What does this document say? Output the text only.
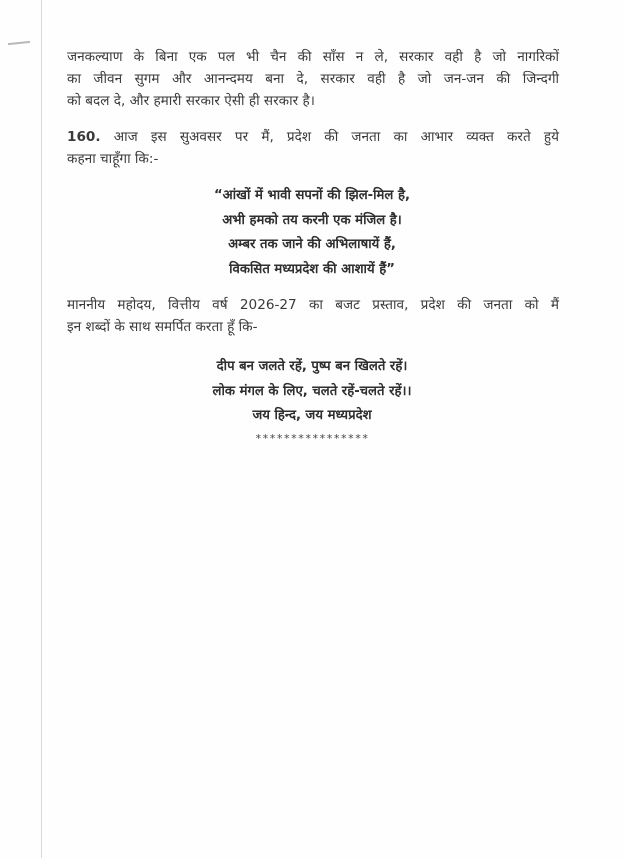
जनकल्याण के बिना एक पल भी चैन की साँस न ले, सरकार वही है जो नागरिकों
का जीवन सुगम और आनन्दमय बना दे, सरकार वही है जो जन-जन की जिन्दगी
को बदल दे, और हमारी सरकार ऐसी ही सरकार है।
160. आज इस सुअवसर पर मैं, प्रदेश की जनता का आभार व्यक्त करते हुये
कहना चाहूँगा कि:-
“आंखों में भावी सपनों की झिल-मिल है,
अभी हमको तय करनी एक मंजिल है।
अम्बर तक जाने की अभिलाषायें हैं,
विकसित मध्यप्रदेश की आशायें हैं”
माननीय महोदय, वित्तीय वर्ष 2026-27 का बजट प्रस्ताव, प्रदेश की जनता को मैं
इन शब्दों के साथ समर्पित करता हूँ कि-
दीप बन जलते रहें, पुष्प बन खिलते रहें।
लोक मंगल के लिए, चलते रहें-चलते रहें।।
जय हिन्द, जय मध्यप्रदेश
****************
